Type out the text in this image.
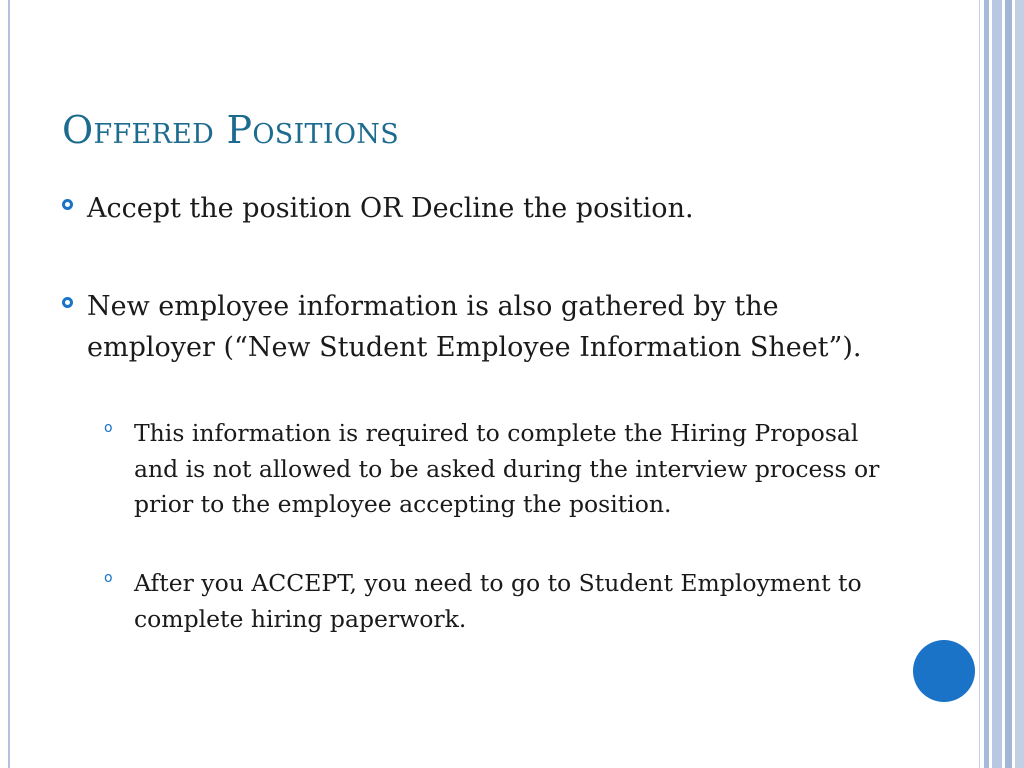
Offered Positions
Accept the position OR Decline the position.
New employee information is also gathered by the employer (“New Student Employee Information Sheet”).
o This information is required to complete the Hiring Proposal and is not allowed to be asked during the interview process or prior to the employee accepting the position.
o After you ACCEPT, you need to go to Student Employment to complete hiring paperwork.
